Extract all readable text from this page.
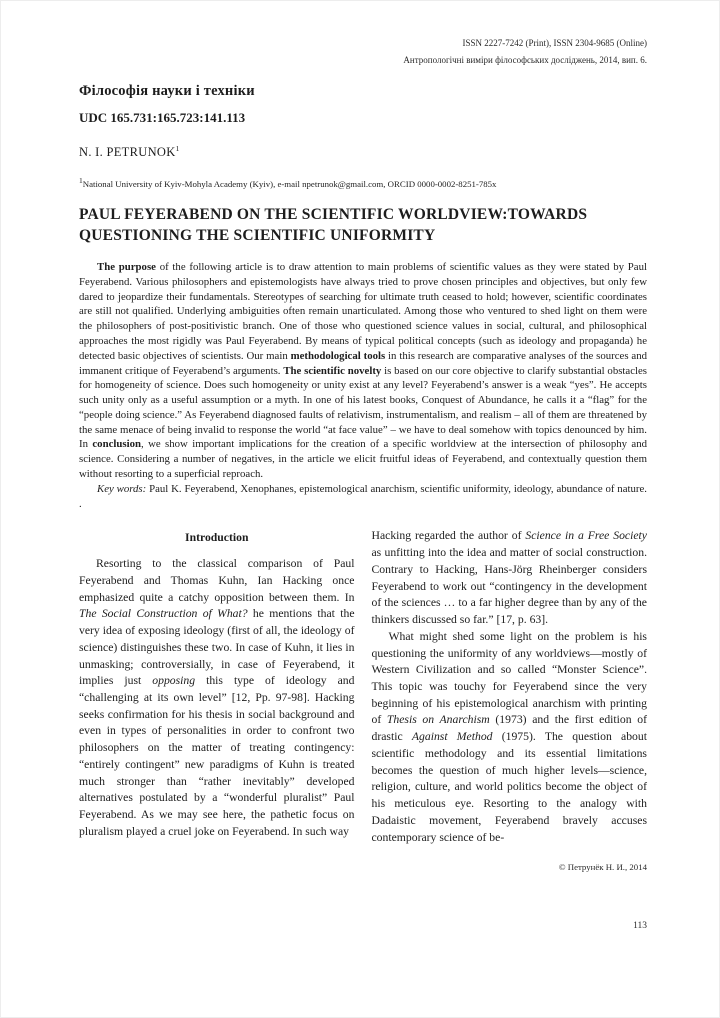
ISSN 2227-7242 (Print), ISSN 2304-9685 (Online)
Антропологічні виміри філософських досліджень, 2014, вип. 6.
Філософія науки і техніки
UDC 165.731:165.723:141.113
N. I. PETRUNOK$^1$
$^1$National University of Kyiv-Mohyla Academy (Kyiv), e-mail npetrunok@gmail.com, ORCID 0000-0002-8251-785x
PAUL FEYERABEND ON THE SCIENTIFIC WORLDVIEW:TOWARDS QUESTIONING THE SCIENTIFIC UNIFORMITY

The purpose of the following article is to draw attention to main problems of scientific values as they were stated by Paul Feyerabend. Various philosophers and epistemologists have always tried to prove chosen principles and objectives, but only few dared to jeopardize their fundamentals. Stereotypes of searching for ultimate truth ceased to hold; however, scientific coordinates are still not qualified. Underlying ambiguities often remain unarticulated. Among those who ventured to shed light on them were the philosophers of post-positivistic branch. One of those who questioned science values in social, cultural, and philosophical approaches the most rigidly was Paul Feyerabend. By means of typical political concepts (such as ideology and propaganda) he detected basic objectives of scientists. Our main methodological tools in this research are comparative analyses of the sources and immanent critique of Feyerabend’s arguments. The scientific novelty is based on our core objective to clarify substantial obstacles for homogeneity of science. Does such homogeneity or unity exist at any level? Feyerabend’s answer is a weak “yes”. He accepts such unity only as a useful assumption or a myth. In one of his latest books, Conquest of Abundance, he calls it a “flag” for the “people doing science.” As Feyerabend diagnosed faults of relativism, instrumentalism, and realism – all of them are threatened by the same menace of being invalid to response the world “at face value” – we have to deal somehow with topics denounced by him. In conclusion, we show important implications for the creation of a specific worldview at the intersection of philosophy and science. Considering a number of negatives, in the article we elicit fruitful ideas of Feyerabend, and contextually question them without resorting to a superficial reproach.

Key words: Paul K. Feyerabend, Xenophanes, epistemological anarchism, scientific uniformity, ideology, abundance of nature. .

Introduction

Resorting to the classical comparison of Paul Feyerabend and Thomas Kuhn, Ian Hacking once emphasized quite a catchy opposition between them. In The Social Construction of What? he mentions that the very idea of exposing ideology (first of all, the ideology of science) distinguishes these two. In case of Kuhn, it lies in unmasking; controversially, in case of Feyerabend, it implies just opposing this type of ideology and “challenging at its own level” [12, Pp. 97-98]. Hacking seeks confirmation for his thesis in social background and even in types of personalities in order to confront two philosophers on the matter of treating contingency: “entirely contingent” new paradigms of Kuhn is treated much stronger than “rather inevitably” developed alternatives postulated by a “wonderful pluralist” Paul Feyerabend. As we may see here, the pathetic focus on pluralism played a cruel joke on Feyerabend. In such way

Hacking regarded the author of Science in a Free Society as unfitting into the idea and matter of social construction. Contrary to Hacking, Hans-Jörg Rheinberger considers Feyerabend to work out “contingency in the development of the sciences … to a far higher degree than by any of the thinkers discussed so far.” [17, p. 63].

What might shed some light on the problem is his questioning the uniformity of any worldviews—mostly of Western Civilization and so called “Monster Science”. This topic was touchy for Feyerabend since the very beginning of his epistemological anarchism with printing of Thesis on Anarchism (1973) and the first edition of drastic Against Method (1975). The question about scientific methodology and its essential limitations becomes the question of much higher levels—science, religion, culture, and world politics become the object of his meticulous eye. Resorting to the analogy with Dadaistic movement, Feyerabend bravely accuses contemporary science of be-

© Петрунёк Н. И., 2014
113
